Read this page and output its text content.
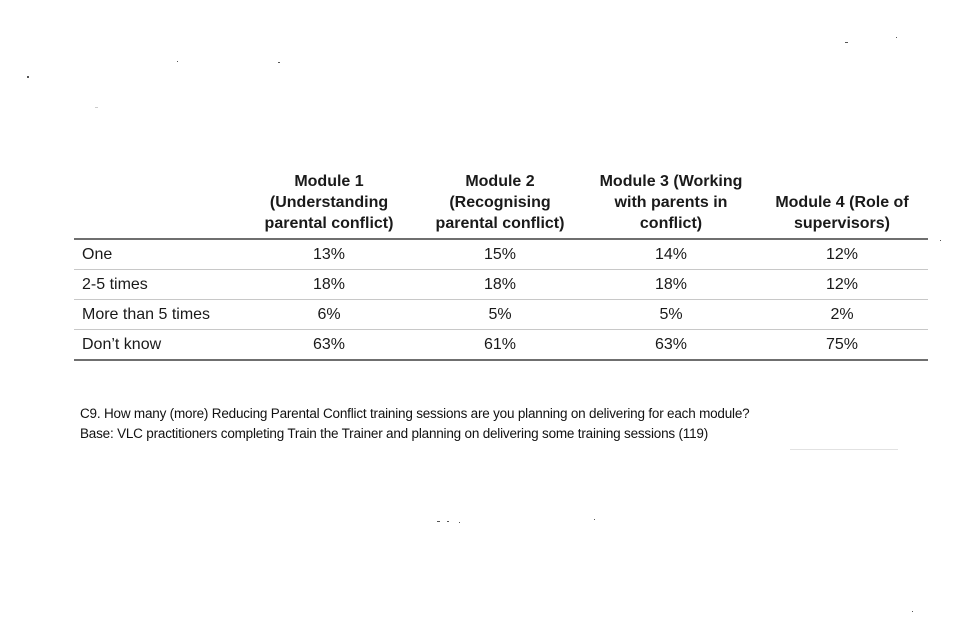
	Module 1
(Understanding
parental conflict)	Module 2
(Recognising
parental conflict)	Module 3 (Working
with parents in
conflict)	Module 4 (Role of
supervisors)
One	13%	15%	14%	12%
2-5 times	18%	18%	18%	12%
More than 5 times	6%	5%	5%	2%
Don’t know	63%	61%	63%	75%
C9. How many (more) Reducing Parental Conflict training sessions are you planning on delivering for each module?
Base: VLC practitioners completing Train the Trainer and planning on delivering some training sessions (119)
